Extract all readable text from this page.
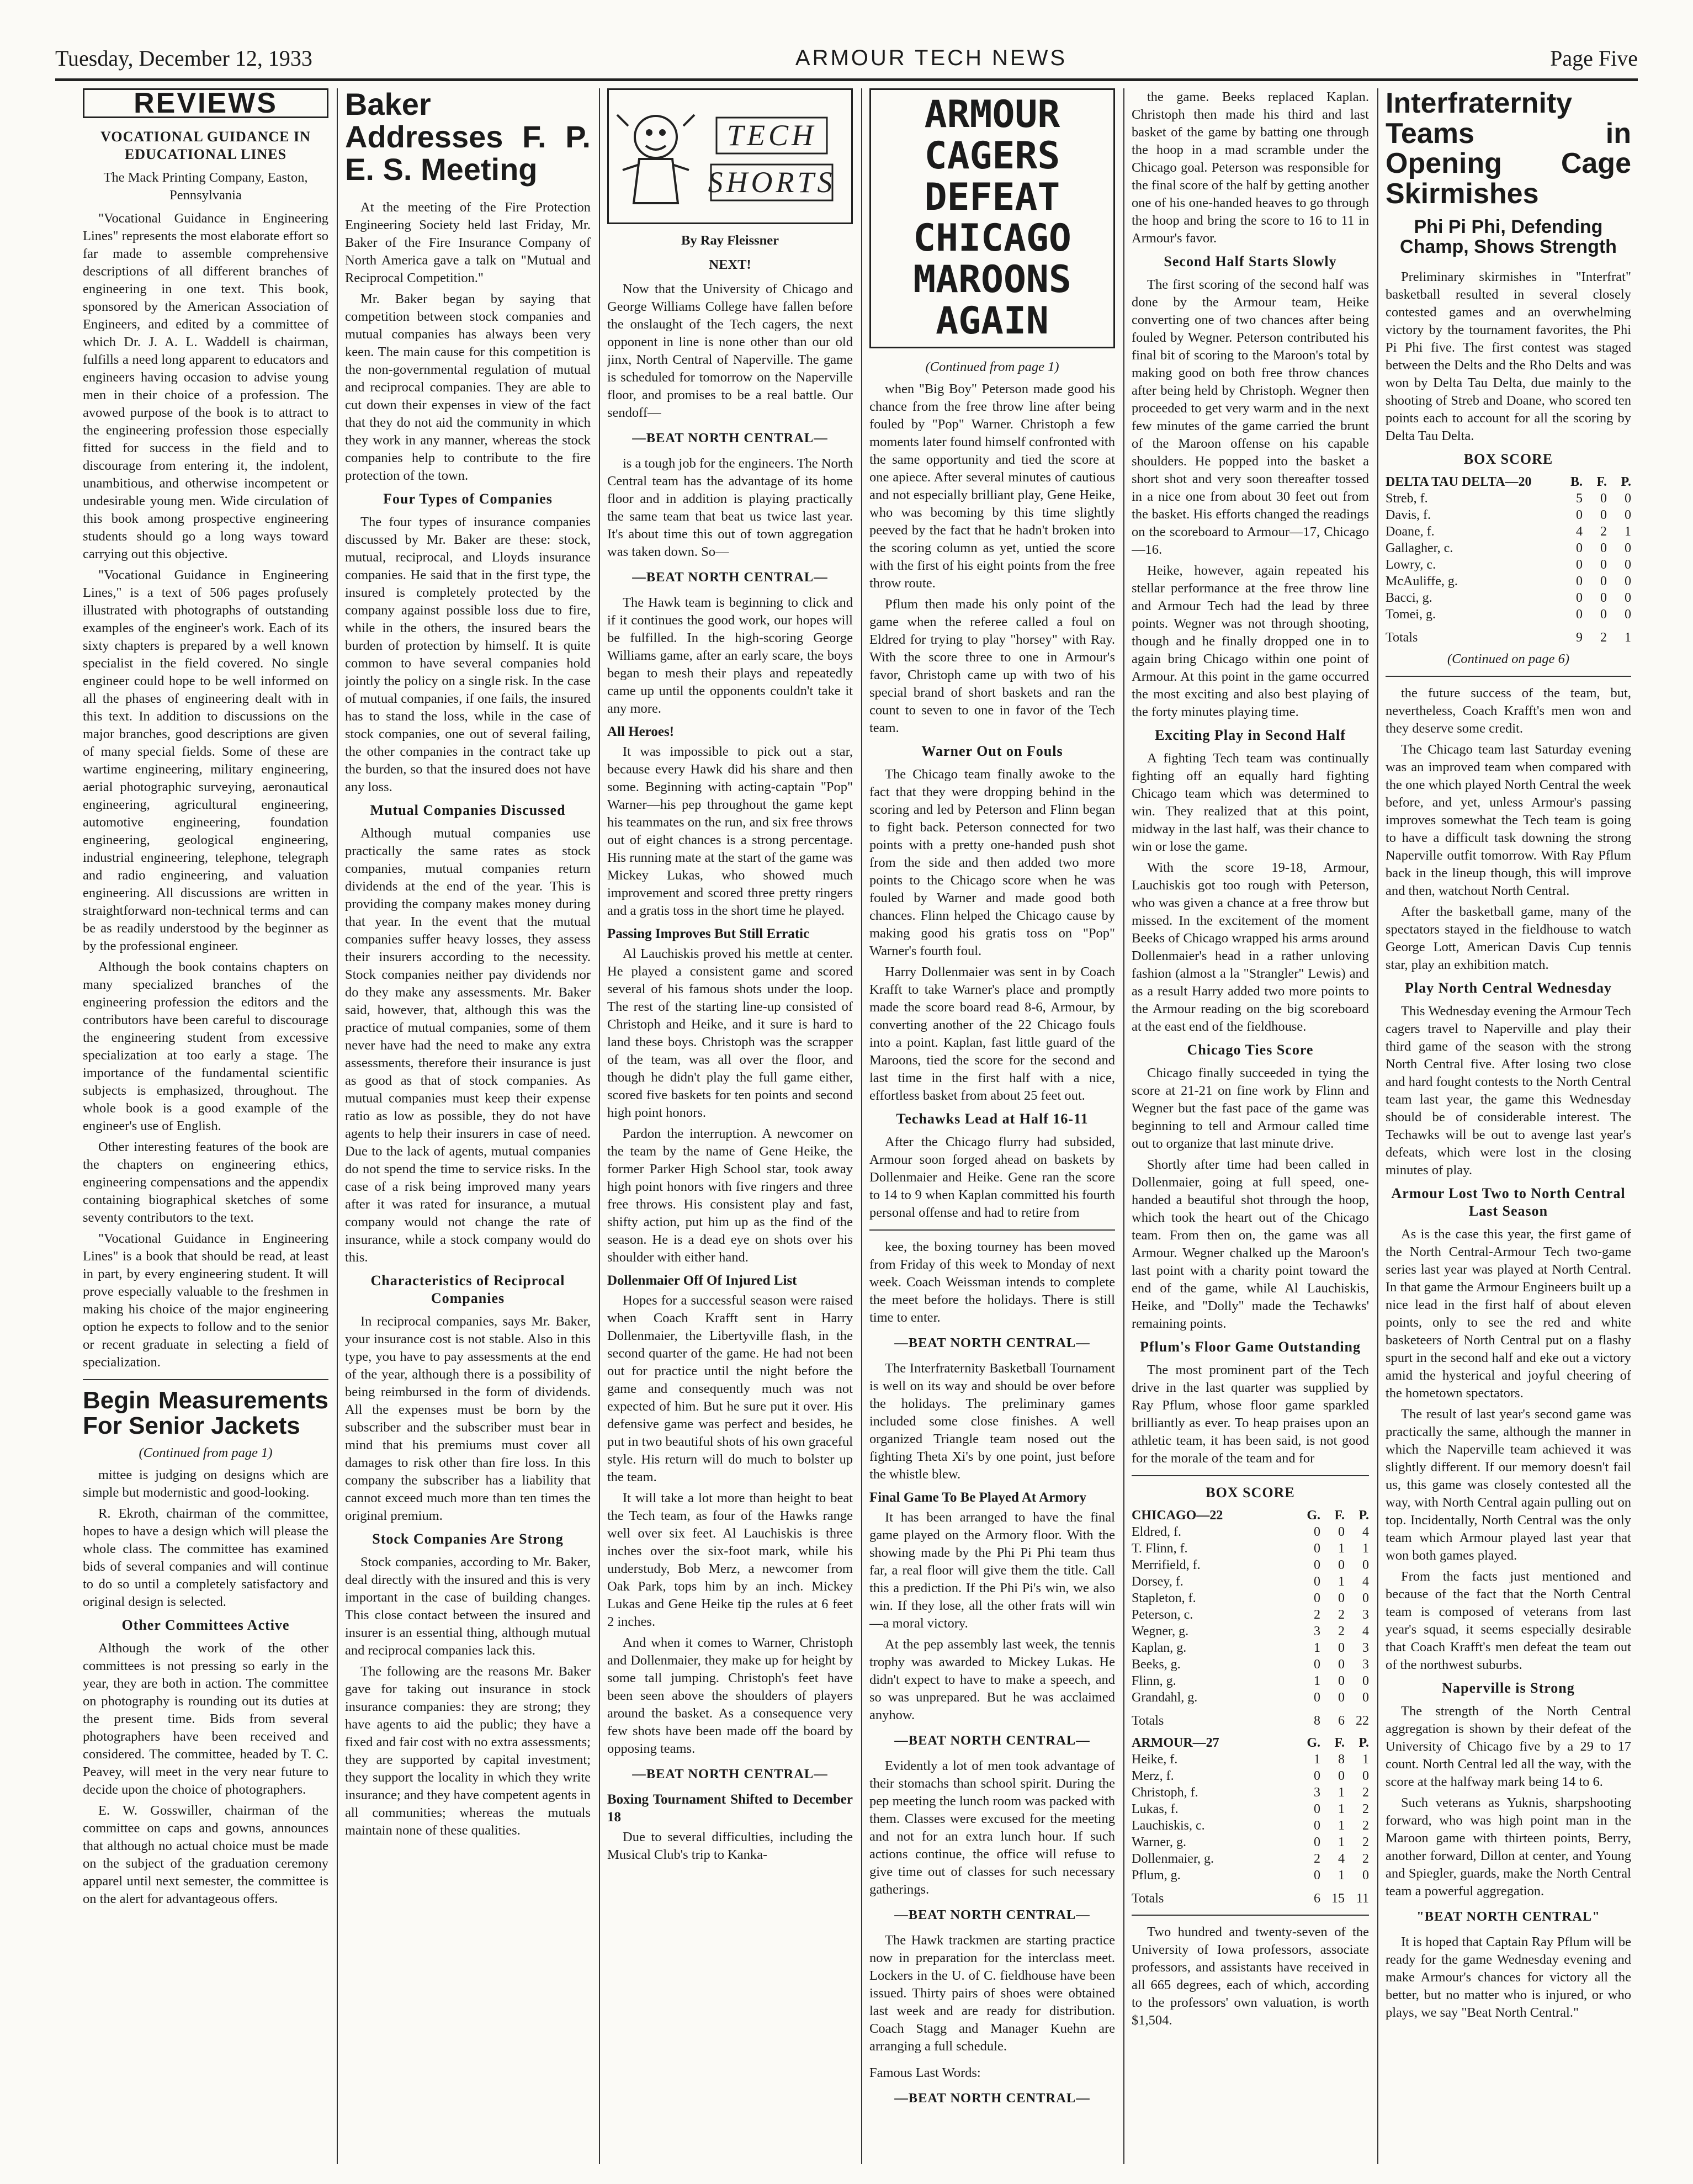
Tuesday, December 12, 1933	ARMOUR TECH NEWS	Page Five
REVIEWS
VOCATIONAL GUIDANCE IN EDUCATIONAL LINES
The Mack Printing Company, Easton, Pennsylvania

"Vocational Guidance in Engineering Lines" represents the most elaborate effort so far made to assemble comprehensive descriptions of all different branches of engineering in one text. This book, sponsored by the American Association of Engineers, and edited by a committee of which Dr. J. A. L. Waddell is chairman, fulfills a need long apparent to educators and engineers having occasion to advise young men in their choice of a profession. The avowed purpose of the book is to attract to the engineering profession those especially fitted for success in the field and to discourage from entering it, the indolent, unambitious, and otherwise incompetent or undesirable young men. Wide circulation of this book among prospective engineering students should go a long ways toward carrying out this objective.

"Vocational Guidance in Engineering Lines," is a text of 506 pages profusely illustrated with photographs of outstanding examples of the engineer's work. Each of its sixty chapters is prepared by a well known specialist in the field covered. No single engineer could hope to be well informed on all the phases of engineering dealt with in this text. In addition to discussions on the major branches, good descriptions are given of many special fields. Some of these are wartime engineering, military engineering, aerial photographic surveying, aeronautical engineering, agricultural engineering, automotive engineering, foundation engineering, geological engineering, industrial engineering, telephone, telegraph and radio engineering, and valuation engineering. All discussions are written in straightforward non-technical terms and can be as readily understood by the beginner as by the professional engineer.

Although the book contains chapters on many specialized branches of the engineering profession the editors and the contributors have been careful to discourage the engineering student from excessive specialization at too early a stage. The importance of the fundamental scientific subjects is emphasized, throughout. The whole book is a good example of the engineer's use of English.

Other interesting features of the book are the chapters on engineering ethics, engineering compensations and the appendix containing biographical sketches of some seventy contributors to the text.

"Vocational Guidance in Engineering Lines" is a book that should be read, at least in part, by every engineering student. It will prove especially valuable to the freshmen in making his choice of the major engineering option he expects to follow and to the senior or recent graduate in selecting a field of specialization.

Begin Measurements For Senior Jackets
(Continued from page 1)

mittee is judging on designs which are simple but modernistic and good-looking.

R. Ekroth, chairman of the committee, hopes to have a design which will please the whole class. The committee has examined bids of several companies and will continue to do so until a completely satisfactory and original design is selected.

Other Committees Active

Although the work of the other committees is not pressing so early in the year, they are both in action. The committee on photography is rounding out its duties at the present time. Bids from several photographers have been received and considered. The committee, headed by T. C. Peavey, will meet in the very near future to decide upon the choice of photographers.

E. W. Gosswiller, chairman of the committee on caps and gowns, announces that although no actual choice must be made on the subject of the graduation ceremony apparel until next semester, the committee is on the alert for advantageous offers.

Baker Addresses F. P. E. S. Meeting

At the meeting of the Fire Protection Engineering Society held last Friday, Mr. Baker of the Fire Insurance Company of North America gave a talk on "Mutual and Reciprocal Competition."

Mr. Baker began by saying that competition between stock companies and mutual companies has always been very keen. The main cause for this competition is the non-governmental regulation of mutual and reciprocal companies. They are able to cut down their expenses in view of the fact that they do not aid the community in which they work in any manner, whereas the stock companies help to contribute to the fire protection of the town.

Four Types of Companies

The four types of insurance companies discussed by Mr. Baker are these: stock, mutual, reciprocal, and Lloyds insurance companies. He said that in the first type, the insured is completely protected by the company against possible loss due to fire, while in the others, the insured bears the burden of protection by himself. It is quite common to have several companies hold jointly the policy on a single risk. In the case of mutual companies, if one fails, the insured has to stand the loss, while in the case of stock companies, one out of several failing, the other companies in the contract take up the burden, so that the insured does not have any loss.

Mutual Companies Discussed

Although mutual companies use practically the same rates as stock companies, mutual companies return dividends at the end of the year. This is providing the company makes money during that year. In the event that the mutual companies suffer heavy losses, they assess their insurers according to the necessity. Stock companies neither pay dividends nor do they make any assessments. Mr. Baker said, however, that, although this was the practice of mutual companies, some of them never have had the need to make any extra assessments, therefore their insurance is just as good as that of stock companies. As mutual companies must keep their expense ratio as low as possible, they do not have agents to help their insurers in case of need. Due to the lack of agents, mutual companies do not spend the time to service risks. In the case of a risk being improved many years after it was rated for insurance, a mutual company would not change the rate of insurance, while a stock company would do this.

Characteristics of Reciprocal Companies

In reciprocal companies, says Mr. Baker, your insurance cost is not stable. Also in this type, you have to pay assessments at the end of the year, although there is a possibility of being reimbursed in the form of dividends. All the expenses must be born by the subscriber and the subscriber must bear in mind that his premiums must cover all damages to risk other than fire loss. In this company the subscriber has a liability that cannot exceed much more than ten times the original premium.

Stock Companies Are Strong

Stock companies, according to Mr. Baker, deal directly with the insured and this is very important in the case of building changes. This close contact between the insured and insurer is an essential thing, although mutual and reciprocal companies lack this.

The following are the reasons Mr. Baker gave for taking out insurance in stock insurance companies: they are strong; they have agents to aid the public; they have a fixed and fair cost with no extra assessments; they are supported by capital investment; they support the locality in which they write insurance; and they have competent agents in all communities; whereas the mutuals maintain none of these qualities.

TECH
SHORTS
By Ray Fleissner
NEXT!

Now that the University of Chicago and George Williams College have fallen before the onslaught of the Tech cagers, the next opponent in line is none other than our old jinx, North Central of Naperville. The game is scheduled for tomorrow on the Naperville floor, and promises to be a real battle. Our sendoff—

—BEAT NORTH CENTRAL—

is a tough job for the engineers. The North Central team has the advantage of its home floor and in addition is playing practically the same team that beat us twice last year. It's about time this out of town aggregation was taken down. So—

—BEAT NORTH CENTRAL—

The Hawk team is beginning to click and if it continues the good work, our hopes will be fulfilled. In the high-scoring George Williams game, after an early scare, the boys began to mesh their plays and repeatedly came up until the opponents couldn't take it any more.

All Heroes!

It was impossible to pick out a star, because every Hawk did his share and then some. Beginning with acting-captain "Pop" Warner—his pep throughout the game kept his teammates on the run, and six free throws out of eight chances is a strong percentage. His running mate at the start of the game was Mickey Lukas, who showed much improvement and scored three pretty ringers and a gratis toss in the short time he played.

Passing Improves But Still Erratic

Al Lauchiskis proved his mettle at center. He played a consistent game and scored several of his famous shots under the loop. The rest of the starting line-up consisted of Christoph and Heike, and it sure is hard to land these boys. Christoph was the scrapper of the team, was all over the floor, and though he didn't play the full game either, scored five baskets for ten points and second high point honors.

Pardon the interruption. A newcomer on the team by the name of Gene Heike, the former Parker High School star, took away high point honors with five ringers and three free throws. His consistent play and fast, shifty action, put him up as the find of the season. He is a dead eye on shots over his shoulder with either hand.

Dollenmaier Off Of Injured List

Hopes for a successful season were raised when Coach Krafft sent in Harry Dollenmaier, the Libertyville flash, in the second quarter of the game. He had not been out for practice until the night before the game and consequently much was not expected of him. But he sure put it over. His defensive game was perfect and besides, he put in two beautiful shots of his own graceful style. His return will do much to bolster up the team.

It will take a lot more than height to beat the Tech team, as four of the Hawks range well over six feet. Al Lauchiskis is three inches over the six-foot mark, while his understudy, Bob Merz, a newcomer from Oak Park, tops him by an inch. Mickey Lukas and Gene Heike tip the rules at 6 feet 2 inches.

And when it comes to Warner, Christoph and Dollenmaier, they make up for height by some tall jumping. Christoph's feet have been seen above the shoulders of players around the basket. As a consequence very few shots have been made off the board by opposing teams.

—BEAT NORTH CENTRAL—
Boxing Tournament Shifted to December 18

Due to several difficulties, including the Musical Club's trip to Kanka-

ARMOUR CAGERS DEFEAT CHICAGO MAROONS AGAIN
(Continued from page 1)

when "Big Boy" Peterson made good his chance from the free throw line after being fouled by "Pop" Warner. Christoph a few moments later found himself confronted with the same opportunity and tied the score at one apiece. After several minutes of cautious and not especially brilliant play, Gene Heike, who was becoming by this time slightly peeved by the fact that he hadn't broken into the scoring column as yet, untied the score with the first of his eight points from the free throw route.

Pflum then made his only point of the game when the referee called a foul on Eldred for trying to play "horsey" with Ray. With the score three to one in Armour's favor, Christoph came up with two of his special brand of short baskets and ran the count to seven to one in favor of the Tech team.

Warner Out on Fouls

The Chicago team finally awoke to the fact that they were dropping behind in the scoring and led by Peterson and Flinn began to fight back. Peterson connected for two points with a pretty one-handed push shot from the side and then added two more points to the Chicago score when he was fouled by Warner and made good both chances. Flinn helped the Chicago cause by making good his gratis toss on "Pop" Warner's fourth foul.

Harry Dollenmaier was sent in by Coach Krafft to take Warner's place and promptly made the score board read 8-6, Armour, by converting another of the 22 Chicago fouls into a point. Kaplan, fast little guard of the Maroons, tied the score for the second and last time in the first half with a nice, effortless basket from about 25 feet out.

Techawks Lead at Half 16-11

After the Chicago flurry had subsided, Armour soon forged ahead on baskets by Dollenmaier and Heike. Gene ran the score to 14 to 9 when Kaplan committed his fourth personal offense and had to retire from

kee, the boxing tourney has been moved from Friday of this week to Monday of next week. Coach Weissman intends to complete the meet before the holidays. There is still time to enter.

—BEAT NORTH CENTRAL—

The Interfraternity Basketball Tournament is well on its way and should be over before the holidays. The preliminary games included some close finishes. A well organized Triangle team nosed out the fighting Theta Xi's by one point, just before the whistle blew.

Final Game To Be Played At Armory

It has been arranged to have the final game played on the Armory floor. With the showing made by the Phi Pi Phi team thus far, a real floor will give them the title. Call this a prediction. If the Phi Pi's win, we also win. If they lose, all the other frats will win—a moral victory.

At the pep assembly last week, the tennis trophy was awarded to Mickey Lukas. He didn't expect to have to make a speech, and so was unprepared. But he was acclaimed anyhow.

—BEAT NORTH CENTRAL—

Evidently a lot of men took advantage of their stomachs than school spirit. During the pep meeting the lunch room was packed with them. Classes were excused for the meeting and not for an extra lunch hour. If such actions continue, the office will refuse to give time out of classes for such necessary gatherings.

—BEAT NORTH CENTRAL—

The Hawk trackmen are starting practice now in preparation for the interclass meet. Lockers in the U. of C. fieldhouse have been issued. Thirty pairs of shoes were obtained last week and are ready for distribution. Coach Stagg and Manager Kuehn are arranging a full schedule.

Famous Last Words:
—BEAT NORTH CENTRAL—

the game. Beeks replaced Kaplan. Christoph then made his third and last basket of the game by batting one through the hoop in a mad scramble under the Chicago goal. Peterson was responsible for the final score of the half by getting another one of his one-handed heaves to go through the hoop and bring the score to 16 to 11 in Armour's favor.

Second Half Starts Slowly

The first scoring of the second half was done by the Armour team, Heike converting one of two chances after being fouled by Wegner. Peterson contributed his final bit of scoring to the Maroon's total by making good on both free throw chances after being held by Christoph. Wegner then proceeded to get very warm and in the next few minutes of the game carried the brunt of the Maroon offense on his capable shoulders. He popped into the basket a short shot and very soon thereafter tossed in a nice one from about 30 feet out from the basket. His efforts changed the readings on the scoreboard to Armour—17, Chicago—16.

Heike, however, again repeated his stellar performance at the free throw line and Armour Tech had the lead by three points. Wegner was not through shooting, though and he finally dropped one in to again bring Chicago within one point of Armour. At this point in the game occurred the most exciting and also best playing of the forty minutes playing time.

Exciting Play in Second Half

A fighting Tech team was continually fighting off an equally hard fighting Chicago team which was determined to win. They realized that at this point, midway in the last half, was their chance to win or lose the game.

With the score 19-18, Armour, Lauchiskis got too rough with Peterson, who was given a chance at a free throw but missed. In the excitement of the moment Beeks of Chicago wrapped his arms around Dollenmaier's head in a rather unloving fashion (almost a la "Strangler" Lewis) and as a result Harry added two more points to the Armour reading on the big scoreboard at the east end of the fieldhouse.

Chicago Ties Score

Chicago finally succeeded in tying the score at 21-21 on fine work by Flinn and Wegner but the fast pace of the game was beginning to tell and Armour called time out to organize that last minute drive.

Shortly after time had been called in Dollenmaier, going at full speed, one-handed a beautiful shot through the hoop, which took the heart out of the Chicago team. From then on, the game was all Armour. Wegner chalked up the Maroon's last point with a charity point toward the end of the game, while Al Lauchiskis, Heike, and "Dolly" made the Techawks' remaining points.

Pflum's Floor Game Outstanding

The most prominent part of the Tech drive in the last quarter was supplied by Ray Pflum, whose floor game sparkled brilliantly as ever. To heap praises upon an athletic team, it has been said, is not good for the morale of the team and for

BOX SCORE
CHICAGO—22	G.	F.	P.
Eldred, f.	0	0	4
T. Flinn, f.	0	1	1
Merrifield, f.	0	0	0
Dorsey, f.	0	1	4
Stapleton, f.	0	0	0
Peterson, c.	2	2	3
Wegner, g.	3	2	4
Kaplan, g.	1	0	3
Beeks, g.	0	0	3
Flinn, g.	1	0	0
Grandahl, g.	0	0	0
Totals	8	6	22
ARMOUR—27	G.	F.	P.
Heike, f.	1	8	1
Merz, f.	0	0	0
Christoph, f.	3	1	2
Lukas, f.	0	1	2
Lauchiskis, c.	0	1	2
Warner, g.	0	1	2
Dollenmaier, g.	2	4	2
Pflum, g.	0	1	0
Totals	6	15	11

Two hundred and twenty-seven of the University of Iowa professors, associate professors, and assistants have received in all 665 degrees, each of which, according to the professors' own valuation, is worth $1,504.

Interfraternity Teams in Opening Cage Skirmishes
Phi Pi Phi, Defending Champ, Shows Strength

Preliminary skirmishes in "Interfrat" basketball resulted in several closely contested games and an overwhelming victory by the tournament favorites, the Phi Pi Phi five. The first contest was staged between the Delts and the Rho Delts and was won by Delta Tau Delta, due mainly to the shooting of Streb and Doane, who scored ten points each to account for all the scoring by Delta Tau Delta.

BOX SCORE
DELTA TAU DELTA—20	B.	F.	P.
Streb, f.	5	0	0
Davis, f.	0	0	0
Doane, f.	4	2	1
Gallagher, c.	0	0	0
Lowry, c.	0	0	0
McAuliffe, g.	0	0	0
Bacci, g.	0	0	0
Tomei, g.	0	0	0
Totals	9	2	1
(Continued on page 6)

the future success of the team, but, nevertheless, Coach Krafft's men won and they deserve some credit.

The Chicago team last Saturday evening was an improved team when compared with the one which played North Central the week before, and yet, unless Armour's passing improves somewhat the Tech team is going to have a difficult task downing the strong Naperville outfit tomorrow. With Ray Pflum back in the lineup though, this will improve and then, watchout North Central.

After the basketball game, many of the spectators stayed in the fieldhouse to watch George Lott, American Davis Cup tennis star, play an exhibition match.

Play North Central Wednesday

This Wednesday evening the Armour Tech cagers travel to Naperville and play their third game of the season with the strong North Central five. After losing two close and hard fought contests to the North Central team last year, the game this Wednesday should be of considerable interest. The Techawks will be out to avenge last year's defeats, which were lost in the closing minutes of play.

Armour Lost Two to North Central Last Season

As is the case this year, the first game of the North Central-Armour Tech two-game series last year was played at North Central. In that game the Armour Engineers built up a nice lead in the first half of about eleven points, only to see the red and white basketeers of North Central put on a flashy spurt in the second half and eke out a victory amid the hysterical and joyful cheering of the hometown spectators.

The result of last year's second game was practically the same, although the manner in which the Naperville team achieved it was slightly different. If our memory doesn't fail us, this game was closely contested all the way, with North Central again pulling out on top. Incidentally, North Central was the only team which Armour played last year that won both games played.

From the facts just mentioned and because of the fact that the North Central team is composed of veterans from last year's squad, it seems especially desirable that Coach Krafft's men defeat the team out of the northwest suburbs.

Naperville is Strong

The strength of the North Central aggregation is shown by their defeat of the University of Chicago five by a 29 to 17 count. North Central led all the way, with the score at the halfway mark being 14 to 6.

Such veterans as Yuknis, sharpshooting forward, who was high point man in the Maroon game with thirteen points, Berry, another forward, Dillon at center, and Young and Spiegler, guards, make the North Central team a powerful aggregation.

"BEAT NORTH CENTRAL"

It is hoped that Captain Ray Pflum will be ready for the game Wednesday evening and make Armour's chances for victory all the better, but no matter who is injured, or who plays, we say "Beat North Central."
